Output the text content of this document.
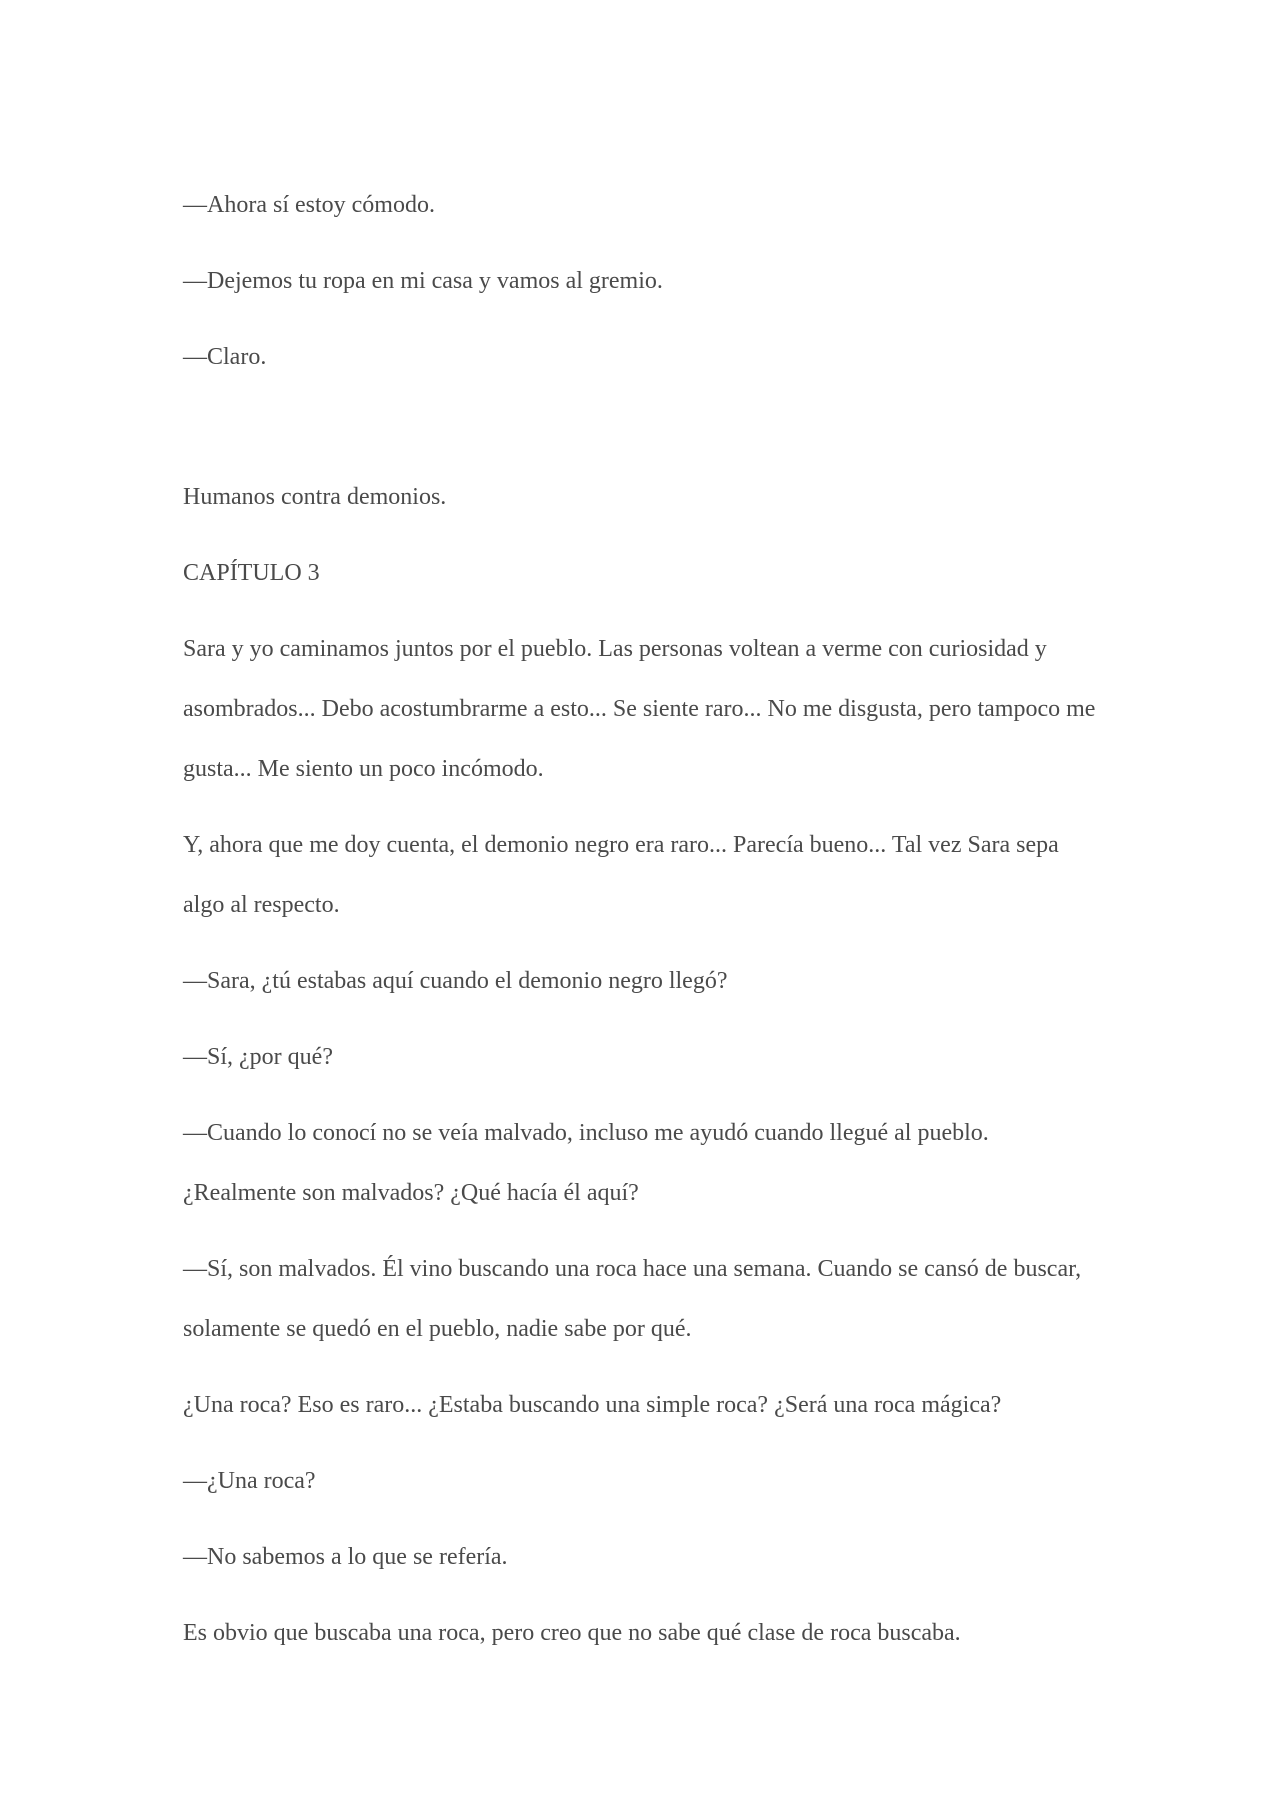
—Ahora sí estoy cómodo.

—Dejemos tu ropa en mi casa y vamos al gremio.

—Claro.

Humanos contra demonios.

CAPÍTULO 3

Sara y yo caminamos juntos por el pueblo. Las personas voltean a verme con curiosidad y asombrados... Debo acostumbrarme a esto... Se siente raro... No me disgusta, pero tampoco me gusta... Me siento un poco incómodo.

Y, ahora que me doy cuenta, el demonio negro era raro... Parecía bueno... Tal vez Sara sepa algo al respecto.

—Sara, ¿tú estabas aquí cuando el demonio negro llegó?

—Sí, ¿por qué?

—Cuando lo conocí no se veía malvado, incluso me ayudó cuando llegué al pueblo. ¿Realmente son malvados? ¿Qué hacía él aquí?

—Sí, son malvados. Él vino buscando una roca hace una semana. Cuando se cansó de buscar, solamente se quedó en el pueblo, nadie sabe por qué.

¿Una roca? Eso es raro... ¿Estaba buscando una simple roca? ¿Será una roca mágica?

—¿Una roca?

—No sabemos a lo que se refería.

Es obvio que buscaba una roca, pero creo que no sabe qué clase de roca buscaba.
